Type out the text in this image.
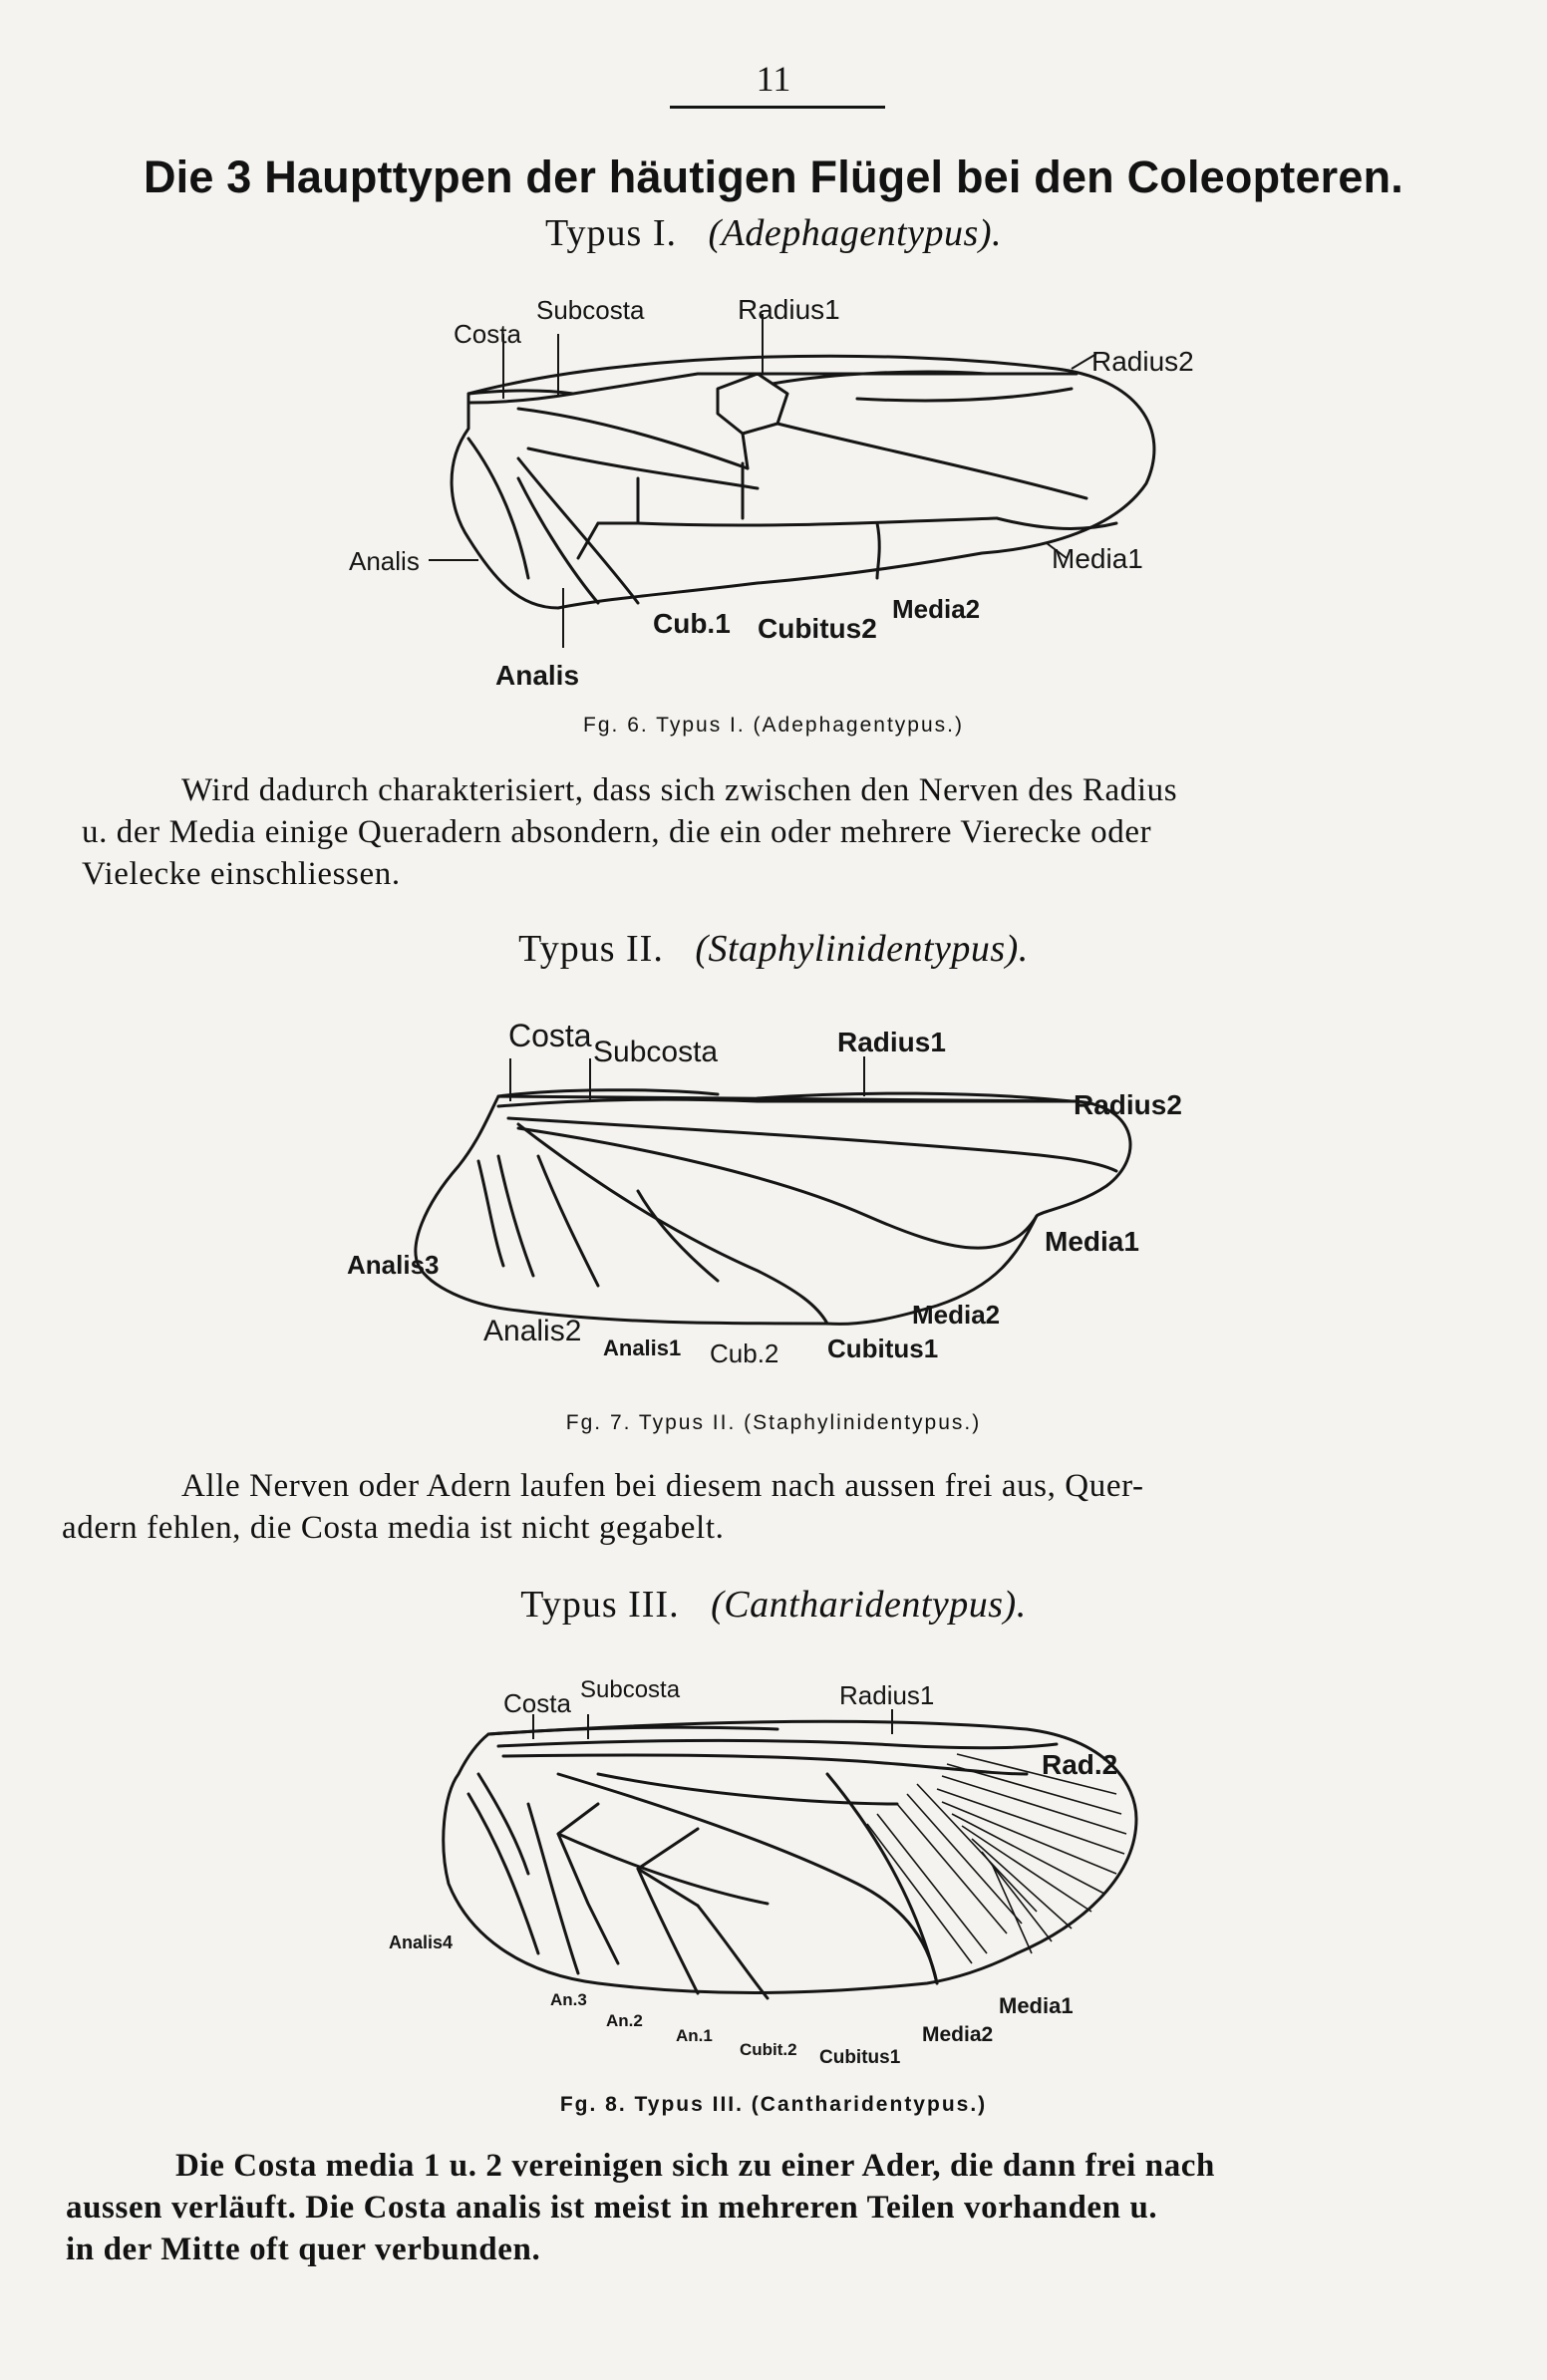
11
Die 3 Haupttypen der häutigen Flügel bei den Coleopteren.
Typus I. (Adephagentypus).
Costa
Subcosta	Radius1
Radius2
Analis	Media1
Cub.1 Cubitus2
Media2
Analis
Fg. 6. Typus I. (Adephagentypus.)
Wird dadurch charakterisiert, dass sich zwischen den Nerven des Radius
u. der Media einige Queradern absondern, die ein oder mehrere Vierecke oder
Vielecke einschliessen.
Typus II. (Staphylinidentypus).
Costa Subcosta	Radius1
Radius2
Media1
Analis3
Analis2
Analis1 Cub.2 Cubitus1
Media2
Fg. 7. Typus II. (Staphylinidentypus.)
Alle Nerven oder Adern laufen bei diesem nach aussen frei aus, Quer-
adern fehlen, die Costa media ist nicht gegabelt.
Typus III. (Cantharidentypus).
Costa Subcosta	Radius1
Rad.2
Analis4
An.3
An.2
An.1
Cubit.2 Cubitus1
Media2
Media1
Fg. 8. Typus III. (Cantharidentypus.)
Die Costa media 1 u. 2 vereinigen sich zu einer Ader, die dann frei nach
aussen verläuft. Die Costa analis ist meist in mehreren Teilen vorhanden u.
in der Mitte oft quer verbunden.
